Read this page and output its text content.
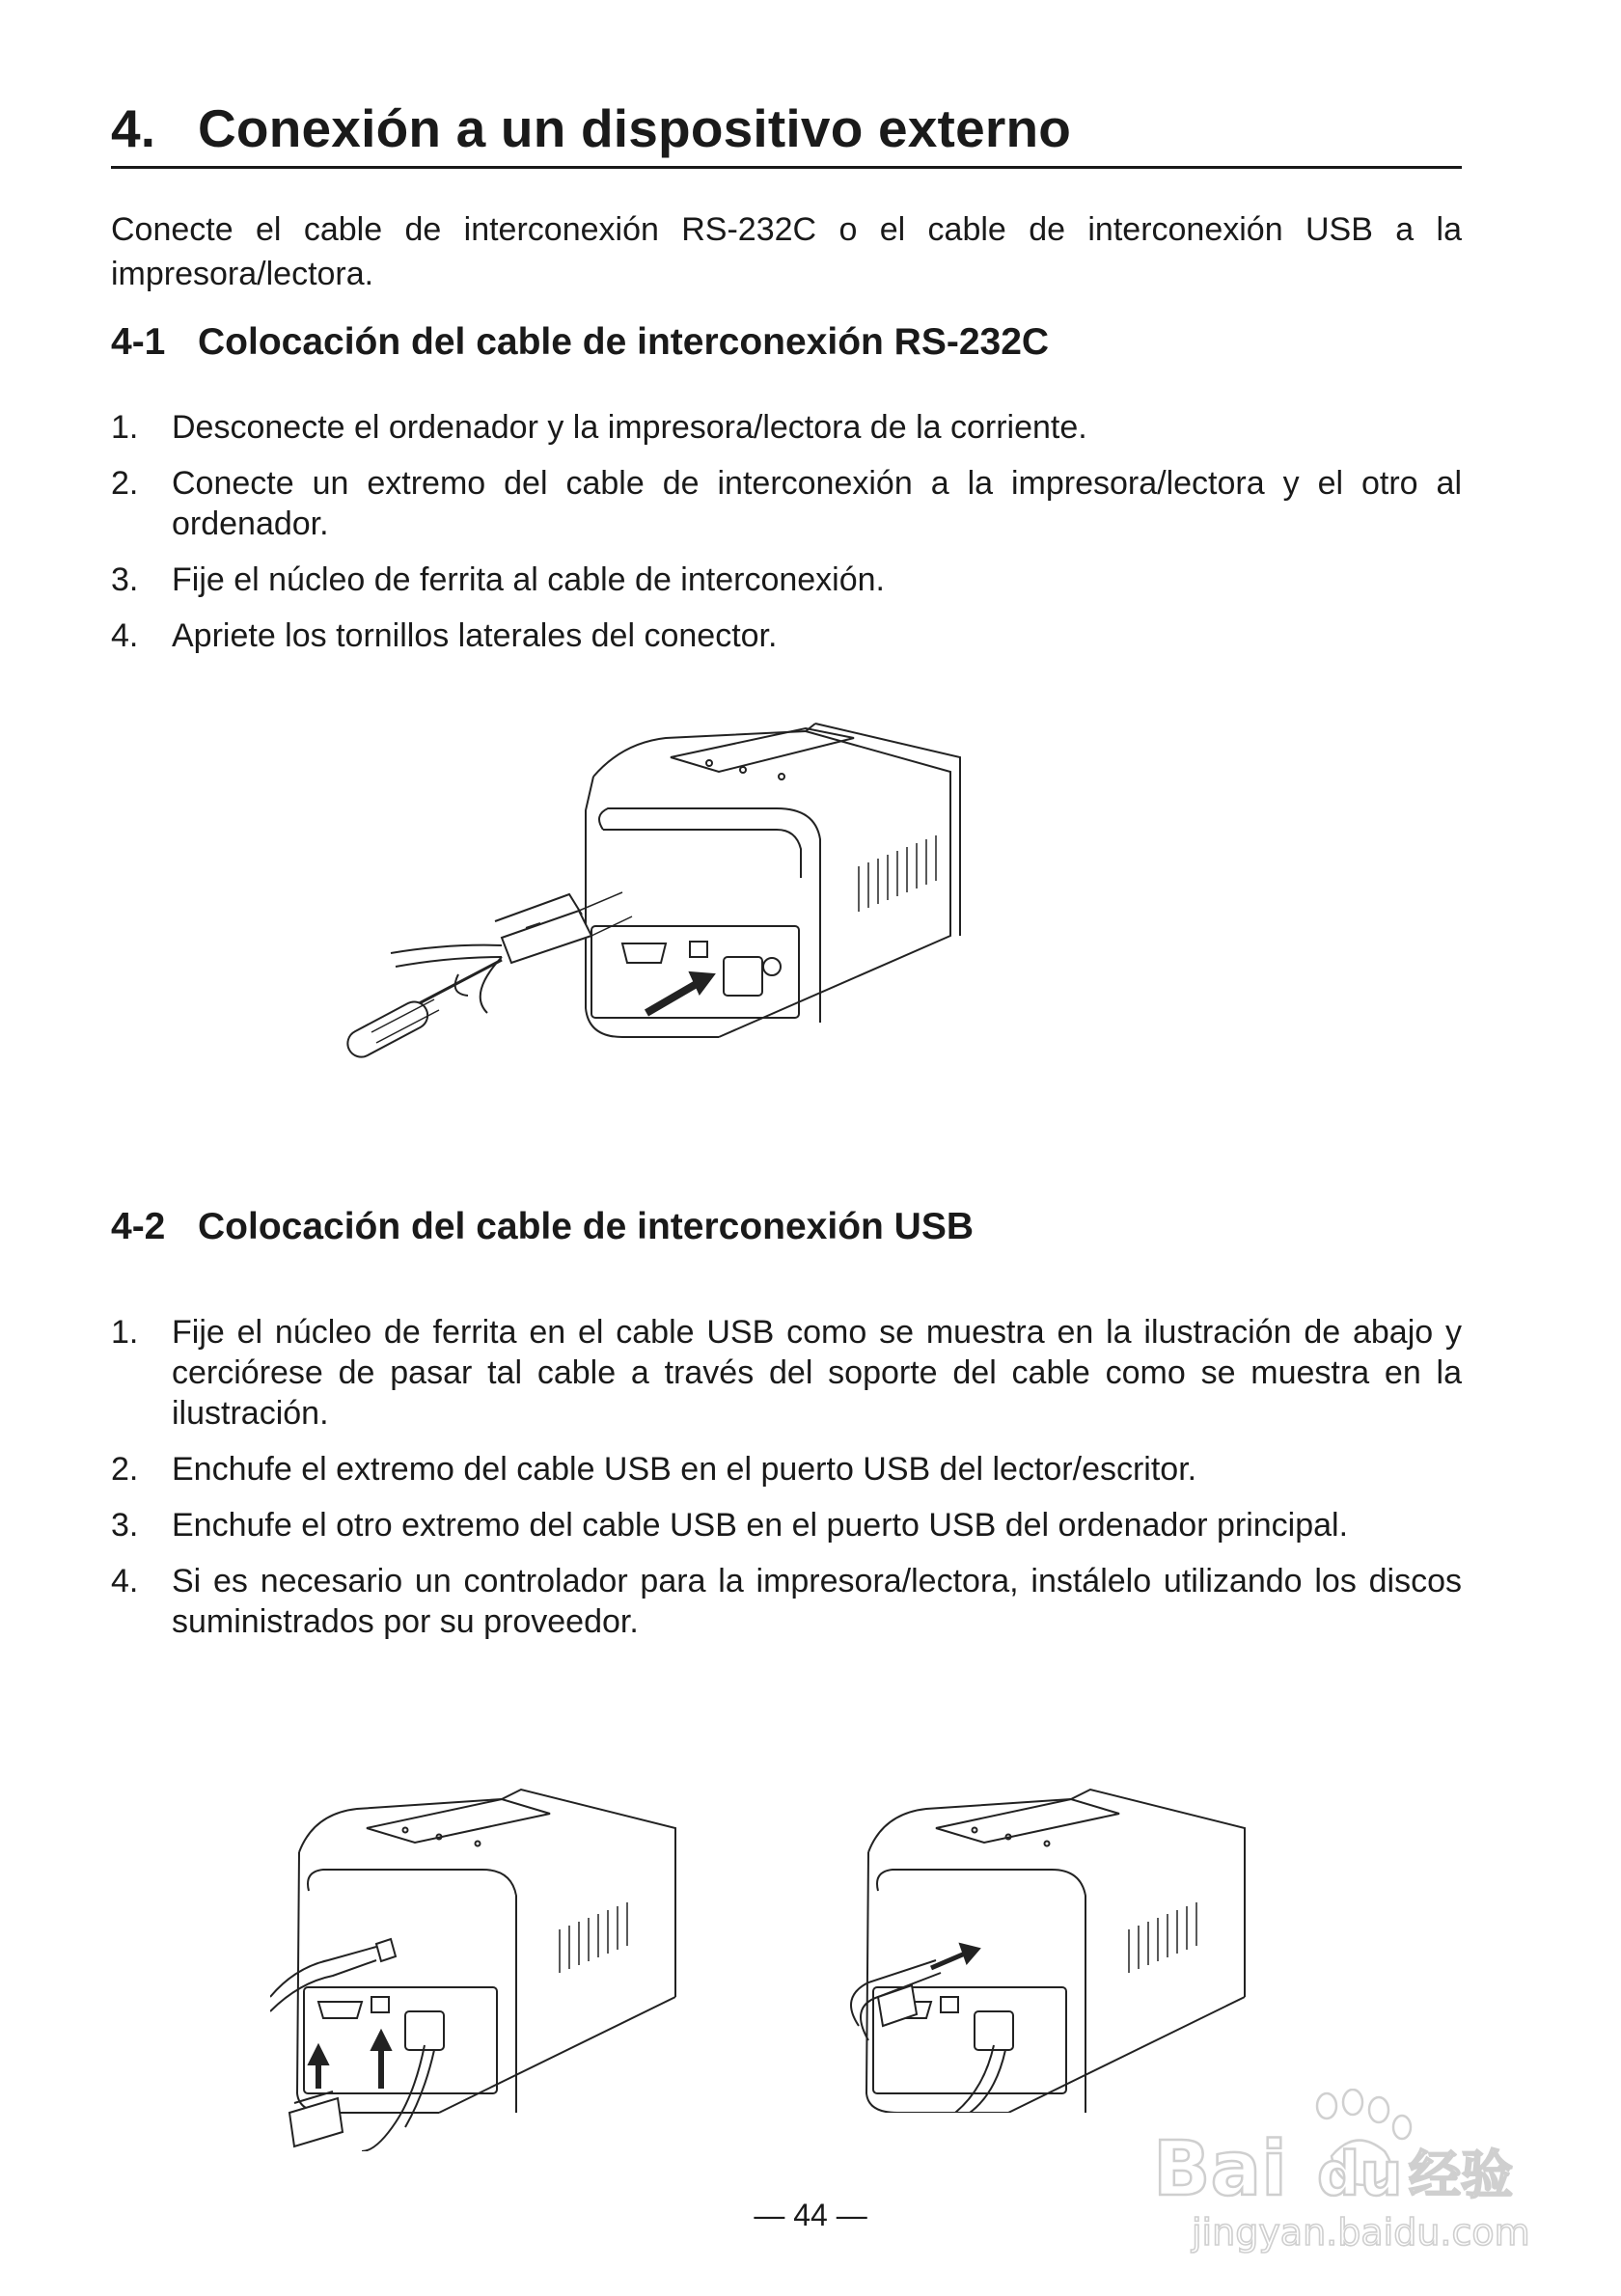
4. Conexión a un dispositivo externo
Conecte el cable de interconexión RS-232C o el cable de interconexión USB a la impresora/lectora.
4-1 Colocación del cable de interconexión RS-232C
1. Desconecte el ordenador y la impresora/lectora de la corriente.
2. Conecte un extremo del cable de interconexión a la impresora/lectora y el otro al ordenador.
3. Fije el núcleo de ferrita al cable de interconexión.
4. Apriete los tornillos laterales del conector.
4-2 Colocación del cable de interconexión USB
1. Fije el núcleo de ferrita en el cable USB como se muestra en la ilustración de abajo y cerciórese de pasar tal cable a través del soporte del cable como se muestra en la ilustración.
2. Enchufe el extremo del cable USB en el puerto USB del lector/escritor.
3. Enchufe el otro extremo del cable USB en el puerto USB del ordenador principal.
4. Si es necesario un controlador para la impresora/lectora, instálelo utilizando los discos suministrados por su proveedor.
— 44 —
Bai du 经验
jingyan.baidu.com
